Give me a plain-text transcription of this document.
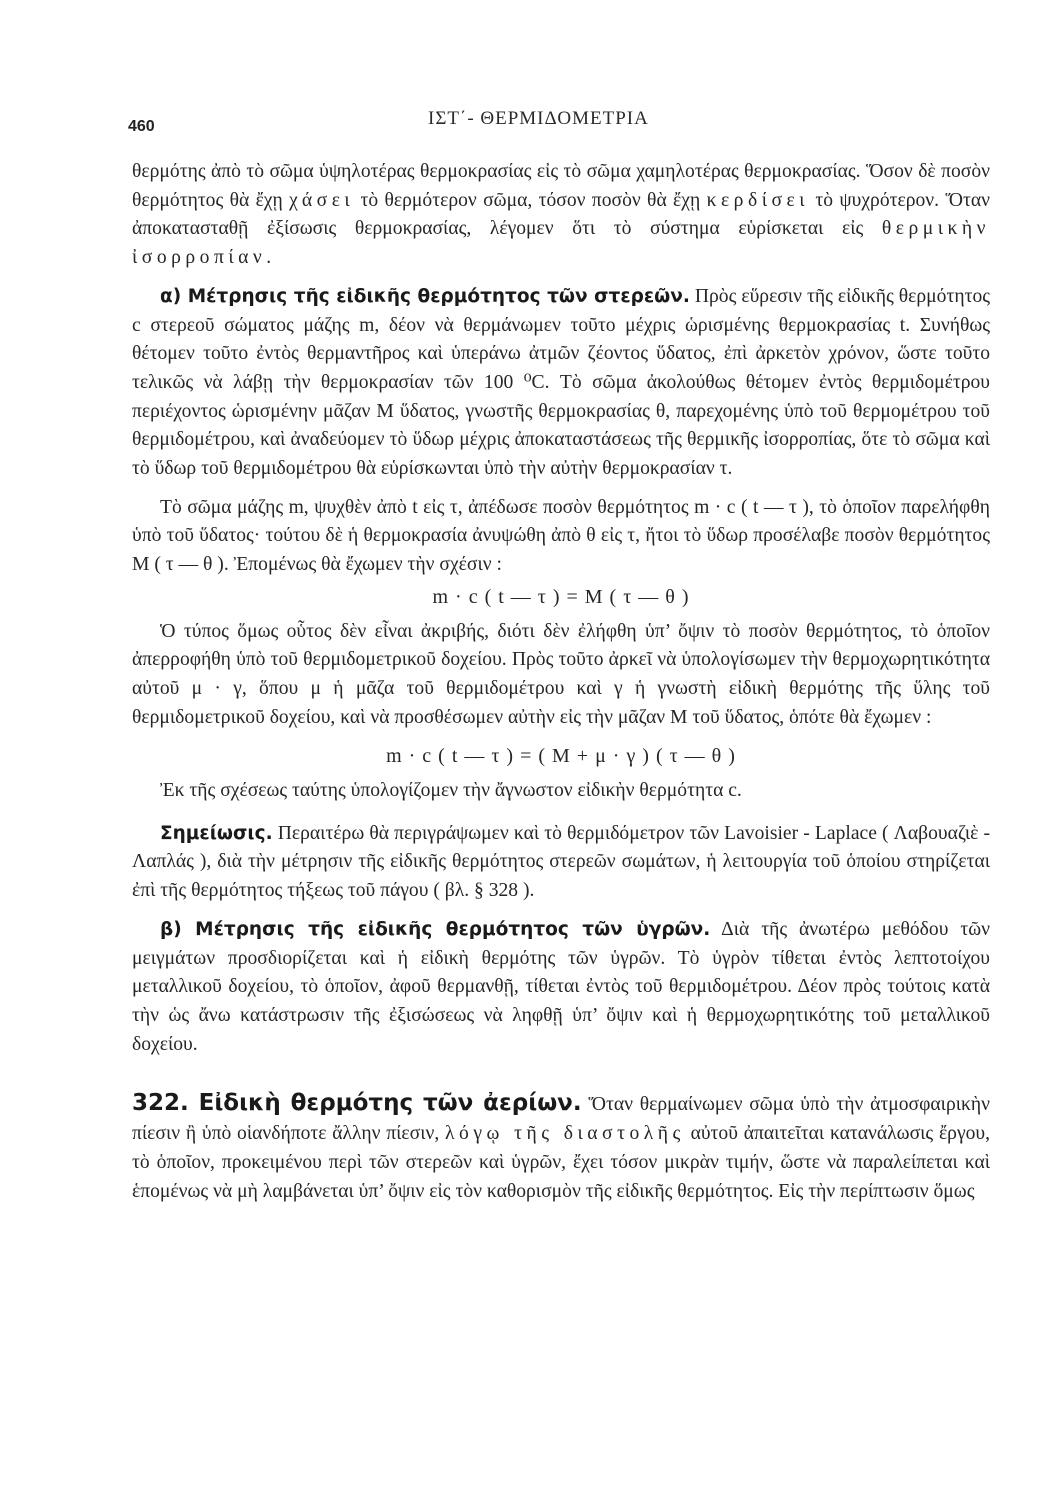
460	ΙΣΤ΄- ΘΕΡΜΙΔΟΜΕΤΡΙΑ

θερμότης ἀπὸ τὸ σῶμα ὑψηλοτέρας θερμοκρασίας εἰς τὸ σῶμα χαμηλοτέρας θερμοκρασίας. Ὅσον δὲ ποσὸν θερμότητος θὰ ἔχῃ χάσει τὸ θερμότερον σῶμα, τόσον ποσὸν θὰ ἔχῃ κερδίσει τὸ ψυχρότερον. Ὅταν ἀποκατασταθῇ ἐξίσωσις θερμοκρασίας, λέγομεν ὅτι τὸ σύστημα εὑρίσκεται εἰς θερμικὴν ἰσορροπίαν.

α) Μέτρησις τῆς εἰδικῆς θερμότητος τῶν στερεῶν. Πρὸς εὕρεσιν τῆς εἰδικῆς θερμότητος c στερεοῦ σώματος μάζης m, δέον νὰ θερμάνωμεν τοῦτο μέχρις ὡρισμένης θερμοκρασίας t. Συνήθως θέτομεν τοῦτο ἐντὸς θερμαντῆρος καὶ ὑπεράνω ἀτμῶν ζέοντος ὕδατος, ἐπὶ ἀρκετὸν χρόνον, ὥστε τοῦτο τελικῶς νὰ λάβῃ τὴν θερμοκρασίαν τῶν 100 ⁰C. Τὸ σῶμα ἀκολούθως θέτομεν ἐντὸς θερμιδομέτρου περιέχοντος ὡρισμένην μᾶζαν M ὕδατος, γνωστῆς θερμοκρασίας θ, παρεχομένης ὑπὸ τοῦ θερμομέτρου τοῦ θερμιδομέτρου, καὶ ἀναδεύομεν τὸ ὕδωρ μέχρις ἀποκαταστάσεως τῆς θερμικῆς ἰσορροπίας, ὅτε τὸ σῶμα καὶ τὸ ὕδωρ τοῦ θερμιδομέτρου θὰ εὑρίσκωνται ὑπὸ τὴν αὐτὴν θερμοκρασίαν τ.

Τὸ σῶμα μάζης m, ψυχθὲν ἀπὸ t εἰς τ, ἀπέδωσε ποσὸν θερμότητος m · c ( t — τ ), τὸ ὁποῖον παρελήφθη ὑπὸ τοῦ ὕδατος· τούτου δὲ ἡ θερμοκρασία ἀνυψώθη ἀπὸ θ εἰς τ, ἤτοι τὸ ὕδωρ προσέλαβε ποσὸν θερμότητος M ( τ — θ ). Ἐπομένως θὰ ἔχωμεν τὴν σχέσιν :

m · c ( t — τ ) = M ( τ — θ )

Ὁ τύπος ὅμως οὗτος δὲν εἶναι ἀκριβής, διότι δὲν ἐλήφθη ὑπ’ ὄψιν τὸ ποσὸν θερμότητος, τὸ ὁποῖον ἀπερροφήθη ὑπὸ τοῦ θερμιδομετρικοῦ δοχείου. Πρὸς τοῦτο ἀρκεῖ νὰ ὑπολογίσωμεν τὴν θερμοχωρητικότητα αὐτοῦ μ · γ, ὅπου μ ἡ μᾶζα τοῦ θερμιδομέτρου καὶ γ ἡ γνωστὴ εἰδικὴ θερμότης τῆς ὕλης τοῦ θερμιδομετρικοῦ δοχείου, καὶ νὰ προσθέσωμεν αὐτὴν εἰς τὴν μᾶζαν M τοῦ ὕδατος, ὁπότε θὰ ἔχωμεν :

m · c ( t — τ ) = ( M + μ · γ ) ( τ — θ )

Ἐκ τῆς σχέσεως ταύτης ὑπολογίζομεν τὴν ἄγνωστον εἰδικὴν θερμότητα c.

Σημείωσις. Περαιτέρω θὰ περιγράψωμεν καὶ τὸ θερμιδόμετρον τῶν Lavoisier - Laplace ( Λαβουαζιὲ - Λαπλάς ), διὰ τὴν μέτρησιν τῆς εἰδικῆς θερμότητος στερεῶν σωμάτων, ἡ λειτουργία τοῦ ὁποίου στηρίζεται ἐπὶ τῆς θερμότητος τήξεως τοῦ πάγου ( βλ. § 328 ).

β) Μέτρησις τῆς εἰδικῆς θερμότητος τῶν ὑγρῶν. Διὰ τῆς ἀνωτέρω μεθόδου τῶν μειγμάτων προσδιορίζεται καὶ ἡ εἰδικὴ θερμότης τῶν ὑγρῶν. Τὸ ὑγρὸν τίθεται ἐντὸς λεπτοτοίχου μεταλλικοῦ δοχείου, τὸ ὁποῖον, ἀφοῦ θερμανθῇ, τίθεται ἐντὸς τοῦ θερμιδομέτρου. Δέον πρὸς τούτοις κατὰ τὴν ὡς ἄνω κατάστρωσιν τῆς ἐξισώσεως νὰ ληφθῇ ὑπ’ ὄψιν καὶ ἡ θερμοχωρητικότης τοῦ μεταλλικοῦ δοχείου.

322. Εἰδικὴ θερμότης τῶν ἀερίων. Ὅταν θερμαίνωμεν σῶμα ὑπὸ τὴν ἀτμοσφαιρικὴν πίεσιν ἢ ὑπὸ οἱανδήποτε ἄλλην πίεσιν, λόγῳ τῆς διαστολῆς αὐτοῦ ἀπαιτεῖται κατανάλωσις ἔργου, τὸ ὁποῖον, προκειμένου περὶ τῶν στερεῶν καὶ ὑγρῶν, ἔχει τόσον μικρὰν τιμήν, ὥστε νὰ παραλείπεται καὶ ἑπομένως νὰ μὴ λαμβάνεται ὑπ’ ὄψιν εἰς τὸν καθορισμὸν τῆς εἰδικῆς θερμότητος. Εἰς τὴν περίπτωσιν ὅμως
